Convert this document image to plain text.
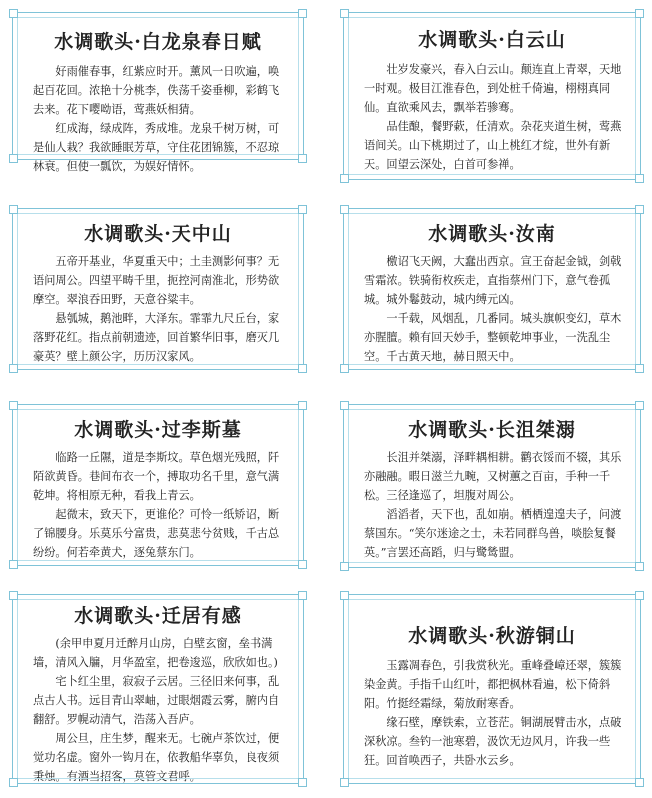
水调歌头·白龙泉春日赋

好雨催春事，红紫应时开。薰风一日吹遍，唤起百花回。浓艳十分桃李，佚荡千姿垂柳，彩鹤飞去来。花下嘤呦语，莺燕妖相猜。

红成海，绿成阵，秀成堆。龙泉千树万树，可是仙人栽？我欲睡眠芳草，守住花团锦簇，不忍琼林衰。但使一瓢饮，为娱好情怀。

水调歌头·白云山

壮岁发豪兴，春入白云山。颠连直上青翠，天地一时观。极目江淮春色，到处桩千倚遍，栩栩真同仙。直欲乘风去，飘举若骖骞。

品佳酿，餐野蔌，任清欢。杂花夹道生树，莺燕语间关。山下桃期过了，山上桃红才绽，世外有新天。回望云深处，白首可参禅。

水调歌头·天中山

五帝开基业，华夏重天中；土圭测影何事？无语问周公。四望平畴千里，扼控河南淮北，形势欲摩空。翠浪吞田野，天意谷粱丰。

悬瓠城，鹅池畔，大泽东。霏霏九尺丘台，家落野花红。指点前朝遗迹，回首繁华旧事，磨灭几豪英？壁上颜公字，历历汉家风。

水调歌头·汝南

檄诏飞天阙，大蠢出西京。宣王奋起金钺，剑戟雪霜浓。铁骑衔枚疾走，直指蔡州门下，意气卷孤城。城外鬈鼓动，城内缚元凶。

一千载，风烟乱，几番同。城头旗帜变幻，草木亦腥膻。赖有回天妙手，整顿乾坤事业，一洗乱尘空。千古黄天地，赫日照天中。

水调歌头·过李斯墓

临路一丘隰，道是李斯坟。草色烟光残照，阡陌欲黄昏。巷间布衣一个，搏取功名千里，意气满乾坤。将相原无种，看我上青云。

起微末，致天下，更谁伦？可怜一纸矫诏，断了锦腰身。乐莫乐兮富贵，悲莫悲兮贫贱，千古总纷纷。何若牵黄犬，逐兔蔡东门。

水调歌头·长沮桀溺

长沮并桀溺，泽畔耦相耕。鹳衣馁而不辍，其乐亦融融。暇日滋兰九畹，又树蕙之百亩，手种一千松。三径逢巡了，坦腹对周公。

滔滔者，天下也，乱如崩。栖栖遑遑夫子，问渡蔡国东。“笑尔迷途之士，未若同群鸟兽，啖脍复餐英。”言罢还高蹈，归与鹭鸶盟。

水调歌头·迁居有感

(余甲申夏月迁醉月山房，白壁玄窗，垒书满墙，清风入牖，月华盈室，把卷逡巡，欣欣如也。)

宅卜红尘里，寂寂子云居。三径旧来何事，乱点古人书。远目青山翠岫，过眼烟霞云雾，腑内自翻舒。罗幌动清气，浩荡入吾庐。

周公旦，庄生梦，醒来无。七碗卢茶饮过，便觉功名虚。窗外一钩月在，依教船华辜负，良夜须秉烛。有酒当招客，莫管文君呼。

水调歌头·秋游铜山

玉露凋春色，引我赏秋光。重峰叠嶂还翠，簇簇染金黄。手指千山红叶，都把枫林看遍，松下倚斜阳。竹挺经霜绿，菊放耐寒香。

缘石壁，摩铁索，立苍茫。铜湖展臂击水，点破深秋凉。叁钓一池寒碧，汲饮无边风月，许我一些狂。回首唤西子，共卧水云乡。
